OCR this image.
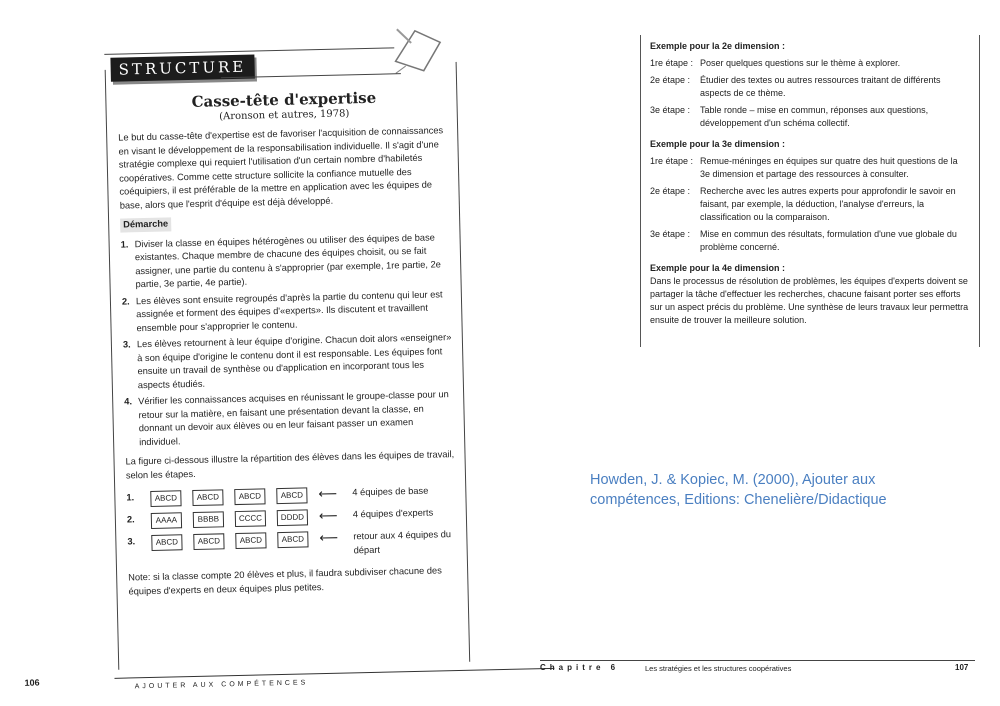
STRUCTURE
Casse-tête d'expertise
(Aronson et autres, 1978)
Le but du casse-tête d'expertise est de favoriser l'acquisition de connaissances en visant le développement de la responsabilisation individuelle. Il s'agit d'une stratégie complexe qui requiert l'utilisation d'un certain nombre d'habiletés coopératives. Comme cette structure sollicite la confiance mutuelle des coéquipiers, il est préférable de la mettre en application avec les équipes de base, alors que l'esprit d'équipe est déjà développé.
Démarche
1. Diviser la classe en équipes hétérogènes ou utiliser des équipes de base existantes. Chaque membre de chacune des équipes choisit, ou se fait assigner, une partie du contenu à s'approprier (par exemple, 1re partie, 2e partie, 3e partie, 4e partie).
2. Les élèves sont ensuite regroupés d'après la partie du contenu qui leur est assignée et forment des équipes d'«experts». Ils discutent et travaillent ensemble pour s'approprier le contenu.
3. Les élèves retournent à leur équipe d'origine. Chacun doit alors «enseigner» à son équipe d'origine le contenu dont il est responsable. Les équipes font ensuite un travail de synthèse ou d'application en incorporant tous les aspects étudiés.
4. Vérifier les connaissances acquises en réunissant le groupe-classe pour un retour sur la matière, en faisant une présentation devant la classe, en donnant un devoir aux élèves ou en leur faisant passer un examen individuel.
La figure ci-dessous illustre la répartition des élèves dans les équipes de travail, selon les étapes.
1.	ABCD	ABCD	ABCD	ABCD	⟵	4 équipes de base
2.	AAAA	BBBB	CCCC	DDDD	⟵	4 équipes d'experts
3.	ABCD	ABCD	ABCD	ABCD	⟵	retour aux 4 équipes du départ
Note: si la classe compte 20 élèves et plus, il faudra subdiviser chacune des équipes d'experts en deux équipes plus petites.
106	AJOUTER AUX COMPÉTENCES
Exemple pour la 2e dimension :
1re étape : Poser quelques questions sur le thème à explorer.
2e étape :	Étudier des textes ou autres ressources traitant de différents aspects de ce thème.
3e étape :	Table ronde – mise en commun, réponses aux questions, développement d'un schéma collectif.
Exemple pour la 3e dimension :
1re étape : Remue-méninges en équipes sur quatre des huit questions de la 3e dimension et partage des ressources à consulter.
2e étape :	Recherche avec les autres experts pour approfondir le savoir en faisant, par exemple, la déduction, l'analyse d'erreurs, la classification ou la comparaison.
3e étape :	Mise en commun des résultats, formulation d'une vue globale du problème concerné.
Exemple pour la 4e dimension :
Dans le processus de résolution de problèmes, les équipes d'experts doivent se partager la tâche d'effectuer les recherches, chacune faisant porter ses efforts sur un aspect précis du problème. Une synthèse de leurs travaux leur permettra ensuite de trouver la meilleure solution.
Chapitre 6	Les stratégies et les structures coopératives	107
Howden, J. & Kopiec, M. (2000), Ajouter aux compétences, Editions: Chenelière/Didactique
